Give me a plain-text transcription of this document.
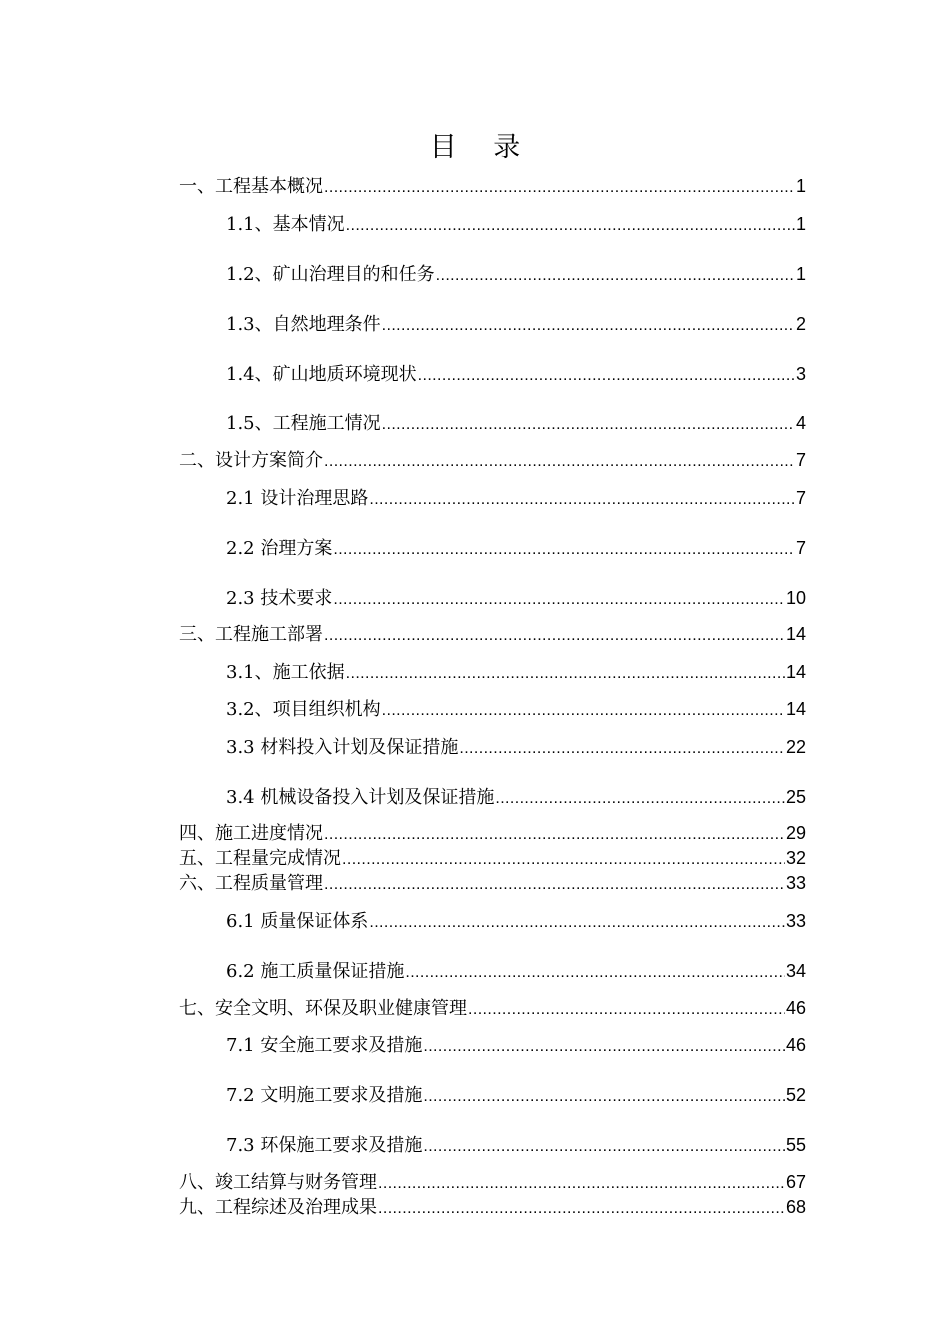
目 录
一、工程基本概况 .....	1
1.1、基本情况 .....	1
1.2、矿山治理目的和任务 .....	1
1.3、自然地理条件 .....	2
1.4、矿山地质环境现状 .....	3
1.5、工程施工情况 .....	4
二、设计方案简介 .....	7
2.1 设计治理思路 .....	7
2.2 治理方案 .....	7
2.3 技术要求 .....	10
三、工程施工部署 .....	14
3.1、施工依据 .....	14
3.2、项目组织机构 .....	14
3.3 材料投入计划及保证措施 .....	22
3.4 机械设备投入计划及保证措施 .....	25
四、施工进度情况 .....	29
五、工程量完成情况 .....	32
六、工程质量管理 .....	33
6.1 质量保证体系 .....	33
6.2 施工质量保证措施 .....	34
七、安全文明、环保及职业健康管理 .....	46
7.1 安全施工要求及措施 .....	46
7.2 文明施工要求及措施 .....	52
7.3 环保施工要求及措施 .....	55
八、竣工结算与财务管理 .....	67
九、工程综述及治理成果 .....	68
